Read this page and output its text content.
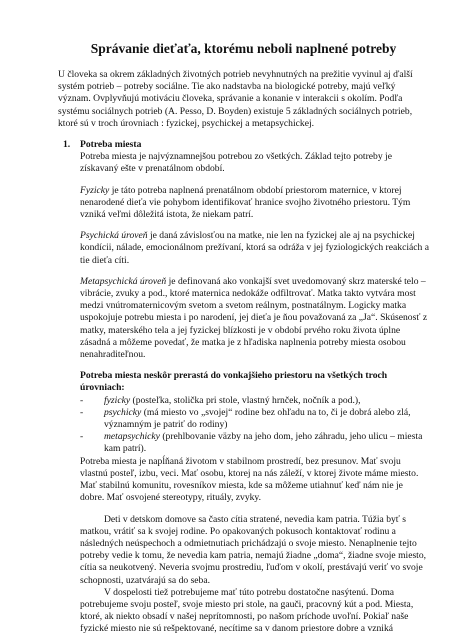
Správanie dieťaťa, ktorému neboli naplnené potreby

U človeka sa okrem základných životných potrieb nevyhnutných na prežitie vyvinul aj ďalší systém potrieb – potreby sociálne. Tie ako nadstavba na biologické potreby, majú veľký význam. Ovplyvňujú motiváciu človeka, správanie a konanie v interakcii s okolím. Podľa systému sociálnych potrieb (A. Pesso, D. Boyden) existuje 5 základných sociálnych potrieb, ktoré sú v troch úrovniach : fyzickej, psychickej a metapsychickej.

1. Potreba miesta

Potreba miesta je najvýznamnejšou potrebou zo všetkých. Základ tejto potreby je získavaný ešte v prenatálnom období.

Fyzicky je táto potreba naplnená prenatálnom období priestorom maternice, v ktorej nenarodené dieťa vie pohybom identifikovať hranice svojho životného priestoru. Tým vzniká veľmi dôležitá istota, že niekam patrí.

Psychická úroveň je daná závislosťou na matke, nie len na fyzickej ale aj na psychickej kondícii, nálade, emocionálnom prežívaní, ktorá sa odráža v jej fyziologických reakciách a tie dieťa cíti.

Metapsychická úroveň je definovaná ako vonkajší svet uvedomovaný skrz materské telo – vibrácie, zvuky a pod., ktoré maternica nedokáže odfiltrovať. Matka takto vytvára most medzi vnútromaternicovým svetom a svetom reálnym, postnatálnym. Logicky matka uspokojuje potrebu miesta i po narodení, jej dieťa je ňou považovaná za „Ja“. Skúsenosť z matky, materského tela a jej fyzickej blízkosti je v období prvého roku života úplne zásadná a môžeme povedať, že matka je z hľadiska naplnenia potreby miesta osobou nenahraditeľnou.

Potreba miesta neskôr prerastá do vonkajšieho priestoru na všetkých troch úrovniach:

- fyzicky (posteľka, stolička pri stole, vlastný hrnček, nočník a pod.),
- psychicky (má miesto vo „svojej“ rodine bez ohľadu na to, či je dobrá alebo zlá, významným je patriť do rodiny)
- metapsychicky (prehlbovanie väzby na jeho dom, jeho záhradu, jeho ulicu – miesta kam patrí).

Potreba miesta je napĺňaná životom v stabilnom prostredí, bez presunov. Mať svoju vlastnú posteľ, izbu, veci. Mať osobu, ktorej na nás záleží, v ktorej živote máme miesto. Mať stabilnú komunitu, rovesníkov miesta, kde sa môžeme utiahnuť keď nám nie je dobre. Mať osvojené stereotypy, rituály, zvyky.

Deti v detskom domove sa často cítia stratené, nevedia kam patria. Túžia byť s matkou, vrátiť sa k svojej rodine. Po opakovaných pokusoch kontaktovať rodinu a následných neúspechoch a odmietnutiach prichádzajú o svoje miesto. Nenaplnenie tejto potreby vedie k tomu, že nevedia kam patria, nemajú žiadne „doma“, žiadne svoje miesto, cítia sa neukotvený. Neveria svojmu prostrediu, ľuďom v okolí, prestávajú veriť vo svoje schopnosti, uzatvárajú sa do seba.

V dospelosti tiež potrebujeme mať túto potrebu dostatočne nasýtenú. Doma potrebujeme svoju posteľ, svoje miesto pri stole, na gauči, pracovný kút a pod. Miesta, ktoré, ak niekto obsadí v našej neprítomnosti, po našom príchode uvoľní. Pokiaľ naše fyzické miesto nie sú rešpektované, necítime sa v danom priestore dobre a vzniká
